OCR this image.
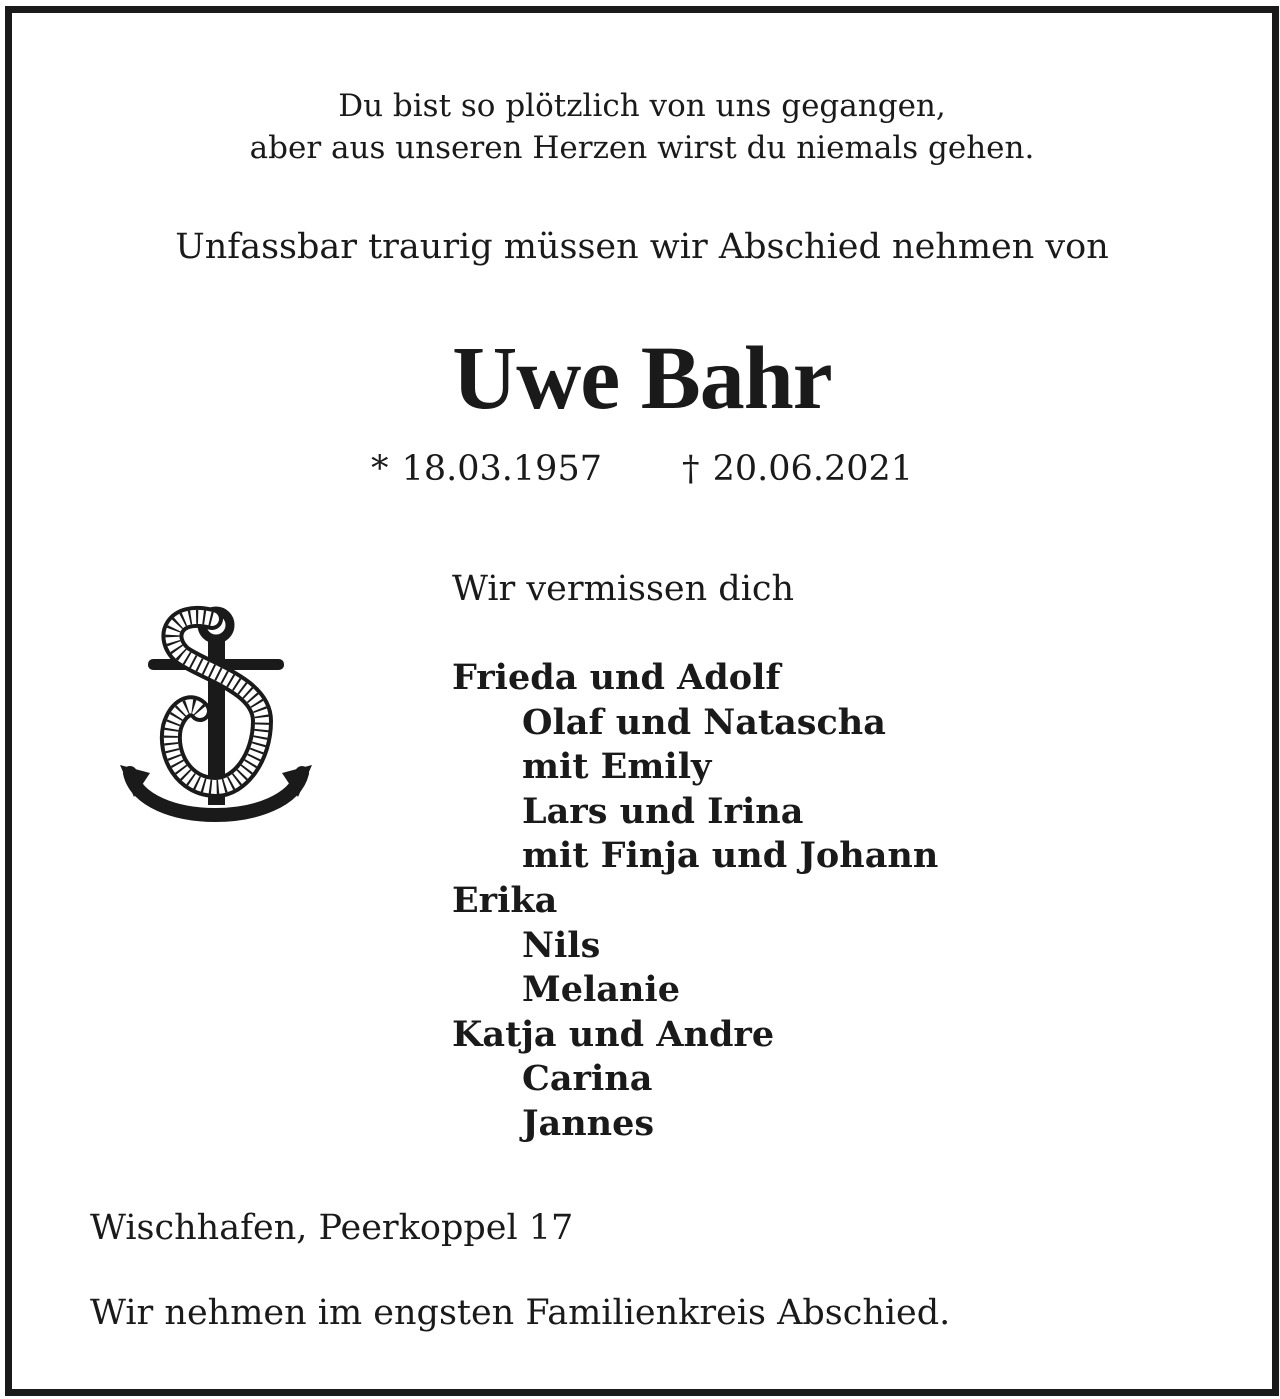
Du bist so plötzlich von uns gegangen,
aber aus unseren Herzen wirst du niemals gehen.
Unfassbar traurig müssen wir Abschied nehmen von
Uwe Bahr
* 18.03.1957 † 20.06.2021
Wir vermissen dich
Frieda und Adolf
Olaf und Natascha
mit Emily
Lars und Irina
mit Finja und Johann
Erika
Nils
Melanie
Katja und Andre
Carina
Jannes
Wischhafen, Peerkoppel 17
Wir nehmen im engsten Familienkreis Abschied.
